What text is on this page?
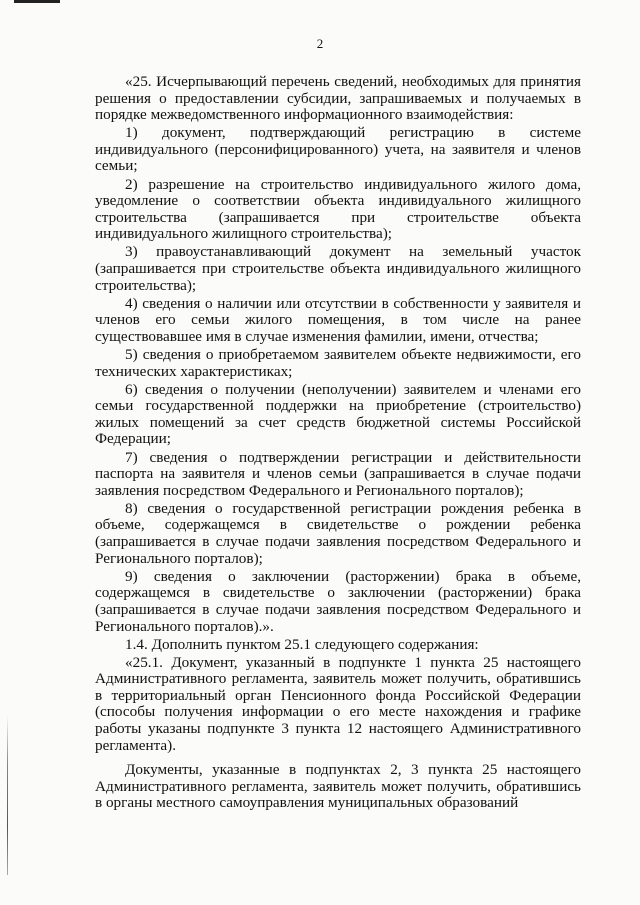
2

«25. Исчерпывающий перечень сведений, необходимых для принятия решения о предоставлении субсидии, запрашиваемых и получаемых в порядке межведомственного информационного взаимодействия:

1) документ, подтверждающий регистрацию в системе индивидуального (персонифицированного) учета, на заявителя и членов семьи;

2) разрешение на строительство индивидуального жилого дома, уведомление о соответствии объекта индивидуального жилищного строительства (запрашивается при строительстве объекта индивидуального жилищного строительства);

3) правоустанавливающий документ на земельный участок (запрашивается при строительстве объекта индивидуального жилищного строительства);

4) сведения о наличии или отсутствии в собственности у заявителя и членов его семьи жилого помещения, в том числе на ранее существовавшее имя в случае изменения фамилии, имени, отчества;

5) сведения о приобретаемом заявителем объекте недвижимости, его технических характеристиках;

6) сведения о получении (неполучении) заявителем и членами его семьи государственной поддержки на приобретение (строительство) жилых помещений за счет средств бюджетной системы Российской Федерации;

7) сведения о подтверждении регистрации и действительности паспорта на заявителя и членов семьи (запрашивается в случае подачи заявления посредством Федерального и Регионального порталов);

8) сведения о государственной регистрации рождения ребенка в объеме, содержащемся в свидетельстве о рождении ребенка (запрашивается в случае подачи заявления посредством Федерального и Регионального порталов);

9) сведения о заключении (расторжении) брака в объеме, содержащемся в свидетельстве о заключении (расторжении) брака (запрашивается в случае подачи заявления посредством Федерального и Регионального порталов).».

1.4. Дополнить пунктом 25.1 следующего содержания:

«25.1. Документ, указанный в подпункте 1 пункта 25 настоящего Административного регламента, заявитель может получить, обратившись в территориальный орган Пенсионного фонда Российской Федерации (способы получения информации о его месте нахождения и графике работы указаны подпункте 3 пункта 12 настоящего Административного регламента).

Документы, указанные в подпунктах 2, 3 пункта 25 настоящего Административного регламента, заявитель может получить, обратившись в органы местного самоуправления муниципальных образований
